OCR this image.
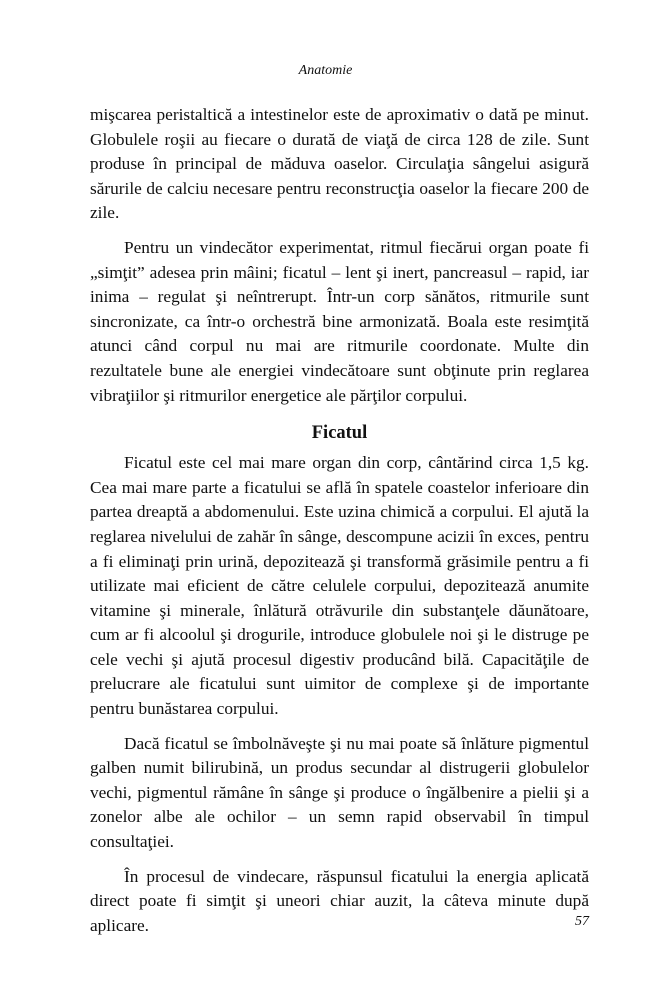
Anatomie

mişcarea peristaltică a intestinelor este de aproximativ o dată pe minut. Globulele roşii au fiecare o durată de viaţă de circa 128 de zile. Sunt produse în principal de măduva oaselor. Circulaţia sângelui asigură sărurile de calciu necesare pentru reconstrucţia oaselor la fiecare 200 de zile.

Pentru un vindecător experimentat, ritmul fiecărui organ poate fi „simţit” adesea prin mâini; ficatul – lent şi inert, pancreasul – rapid, iar inima – regulat şi neîntrerupt. Într-un corp sănătos, ritmurile sunt sincronizate, ca într-o orchestră bine armonizată. Boala este resimţită atunci când corpul nu mai are ritmurile coordonate. Multe din rezultatele bune ale energiei vindecătoare sunt obţinute prin reglarea vibraţiilor şi ritmurilor energetice ale părţilor corpului.

Ficatul

Ficatul este cel mai mare organ din corp, cântărind circa 1,5 kg. Cea mai mare parte a ficatului se află în spatele coastelor inferioare din partea dreaptă a abdomenului. Este uzina chimică a corpului. El ajută la reglarea nivelului de zahăr în sânge, descompune acizii în exces, pentru a fi eliminaţi prin urină, depozitează şi transformă grăsimile pentru a fi utilizate mai eficient de către celulele corpului, depozitează anumite vitamine şi minerale, înlătură otrăvurile din substanţele dăunătoare, cum ar fi alcoolul şi drogurile, introduce globulele noi şi le distruge pe cele vechi şi ajută procesul digestiv producând bilă. Capacităţile de prelucrare ale ficatului sunt uimitor de complexe şi de importante pentru bunăstarea corpului.

Dacă ficatul se îmbolnăveşte şi nu mai poate să înlăture pigmentul galben numit bilirubină, un produs secundar al distrugerii globulelor vechi, pigmentul rămâne în sânge şi produce o îngălbenire a pielii şi a zonelor albe ale ochilor – un semn rapid observabil în timpul consultaţiei.

În procesul de vindecare, răspunsul ficatului la energia aplicată direct poate fi simţit şi uneori chiar auzit, la câteva minute după aplicare.	57
